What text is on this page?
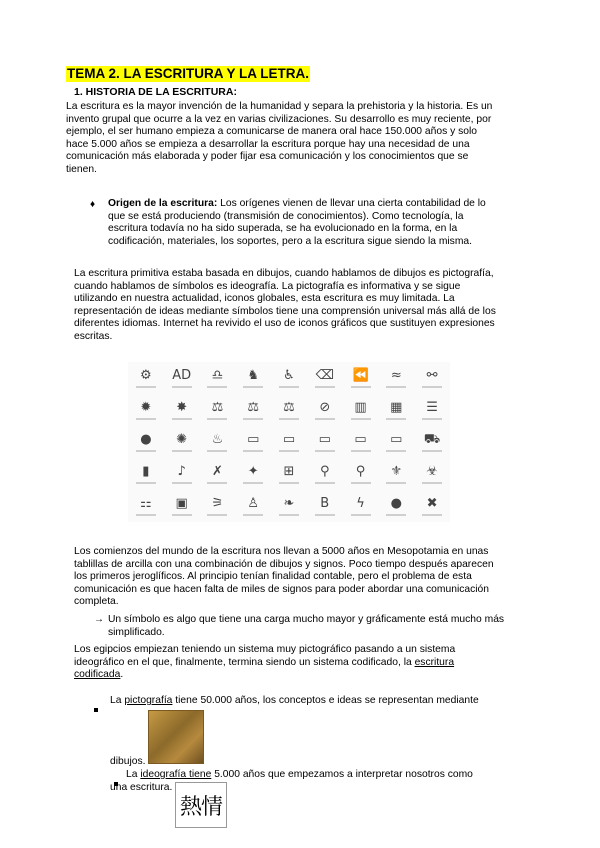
TEMA 2. LA ESCRITURA Y LA LETRA.
1. HISTORIA DE LA ESCRITURA:
La escritura es la mayor invención de la humanidad y separa la prehistoria y la historia. Es un
invento grupal que ocurre a la vez en varias civilizaciones. Su desarrollo es muy reciente, por
ejemplo, el ser humano empieza a comunicarse de manera oral hace 150.000 años y solo
hace 5.000 años se empieza a desarrollar la escritura porque hay una necesidad de una
comunicación más elaborada y poder fijar esa comunicación y los conocimientos que se
tienen.
♦ Origen de la escritura: Los orígenes vienen de llevar una cierta contabilidad de lo
que se está produciendo (transmisión de conocimientos). Como tecnología, la
escritura todavía no ha sido superada, se ha evolucionado en la forma, en la
codificación, materiales, los soportes, pero a la escritura sigue siendo la misma.
La escritura primitiva estaba basada en dibujos, cuando hablamos de dibujos es pictografía,
cuando hablamos de símbolos es ideografía. La pictografía es informativa y se sigue
utilizando en nuestra actualidad, iconos globales, esta escritura es muy limitada. La
representación de ideas mediante símbolos tiene una comprensión universal más allá de los
diferentes idiomas. Internet ha revivido el uso de iconos gráficos que sustituyen expresiones
escritas.
⚙ AD ♎ ♞ ♿ ⌫ ⏪ ≈ ⚯
✹ ✸ ⚖ ⚖ ⚖ ⊘ ▥ ▦ ☰
● ✺ ♨ ▭ ▭ ▭ ▭ ▭ ⛟
▮ ♪ ✗ ✦ ⊞ ⚲ ⚲ ⚜ ☣
⚏ ▣ ⚞ ♙ ❧ B ϟ ● ✖
Los comienzos del mundo de la escritura nos llevan a 5000 años en Mesopotamia en unas
tablillas de arcilla con una combinación de dibujos y signos. Poco tiempo después aparecen
los primeros jeroglíficos. Al principio tenían finalidad contable, pero el problema de esta
comunicación es que hacen falta de miles de signos para poder abordar una comunicación
completa.
→ Un símbolo es algo que tiene una carga mucho mayor y gráficamente está mucho más
simplificado.
Los egipcios empiezan teniendo un sistema muy pictográfico pasando a un sistema
ideográfico en el que, finalmente, termina siendo un sistema codificado, la escritura
codificada.
La pictografía tiene 50.000 años, los conceptos e ideas se representan mediante
dibujos.
La ideografía tiene 5.000 años que empezamos a interpretar nosotros como
una escritura.
熱情
